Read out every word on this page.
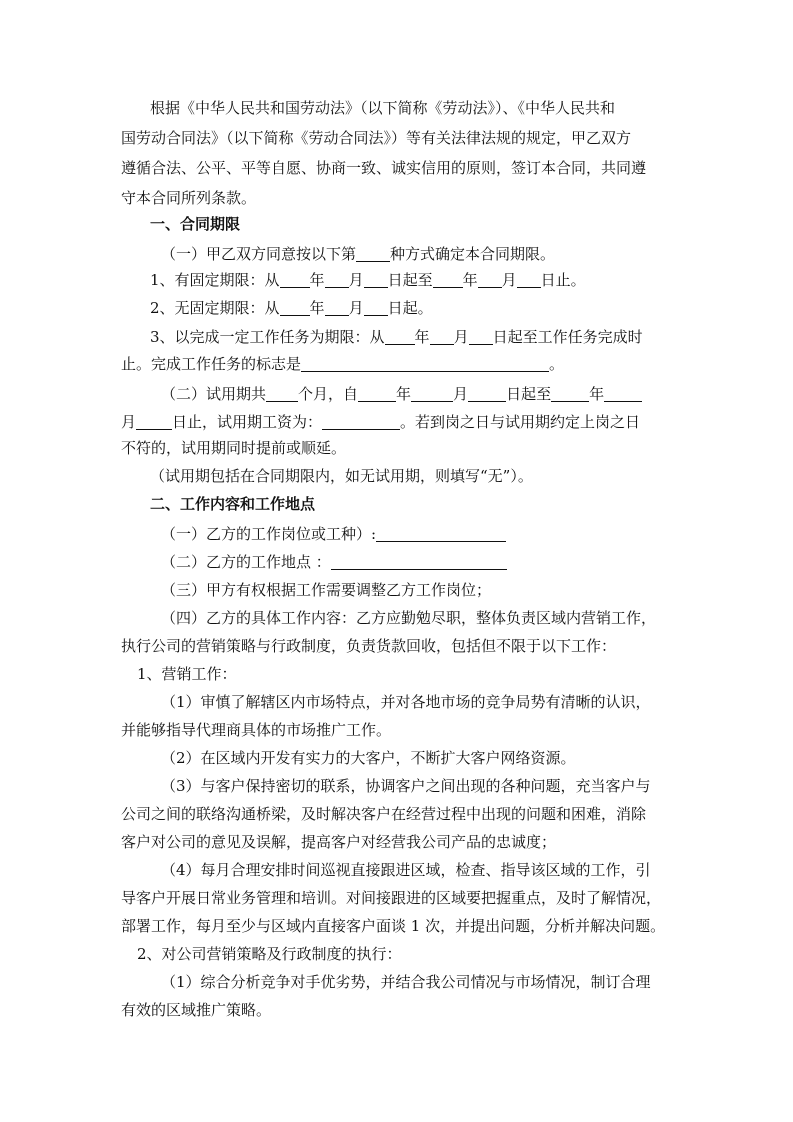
根据《中华人民共和国劳动法》（以下简称《劳动法》）、《中华人民共和
国劳动合同法》（以下简称《劳动合同法》）等有关法律法规的规定，甲乙双方
遵循合法、公平、平等自愿、协商一致、诚实信用的原则，签订本合同，共同遵
守本合同所列条款。
一、合同期限
（一）甲乙双方同意按以下第 种方式确定本合同期限。
1、有固定期限：从 年 月 日起至 年 月 日止。
2、无固定期限：从 年 月 日起。
3、以完成一定工作任务为期限：从 年 月 日起至工作任务完成时
止。完成工作任务的标志是	。
（二）试用期共 个月，自	年	月	日起至	年
月 日止，试用期工资为：	。若到岗之日与试用期约定上岗之日
不符的，试用期同时提前或顺延。
（试用期包括在合同期限内，如无试用期，则填写“无”）。
二、工作内容和工作地点
（一）乙方的工作岗位或工种）:
（二）乙方的工作地点 ：
（三）甲方有权根据工作需要调整乙方工作岗位；
（四）乙方的具体工作内容：乙方应勤勉尽职，整体负责区域内营销工作，
执行公司的营销策略与行政制度，负责货款回收，包括但不限于以下工作：
1、营销工作：
（1）审慎了解辖区内市场特点，并对各地市场的竞争局势有清晰的认识，
并能够指导代理商具体的市场推广工作。
（2）在区域内开发有实力的大客户，不断扩大客户网络资源。
（3）与客户保持密切的联系，协调客户之间出现的各种问题，充当客户与
公司之间的联络沟通桥梁，及时解决客户在经营过程中出现的问题和困难，消除
客户对公司的意见及误解，提高客户对经营我公司产品的忠诚度；
（4）每月合理安排时间巡视直接跟进区域，检查、指导该区域的工作，引
导客户开展日常业务管理和培训。对间接跟进的区域要把握重点，及时了解情况，
部署工作，每月至少与区域内直接客户面谈 1 次，并提出问题，分析并解决问题。
2、对公司营销策略及行政制度的执行：
（1）综合分析竞争对手优劣势，并结合我公司情况与市场情况，制订合理
有效的区域推广策略。
